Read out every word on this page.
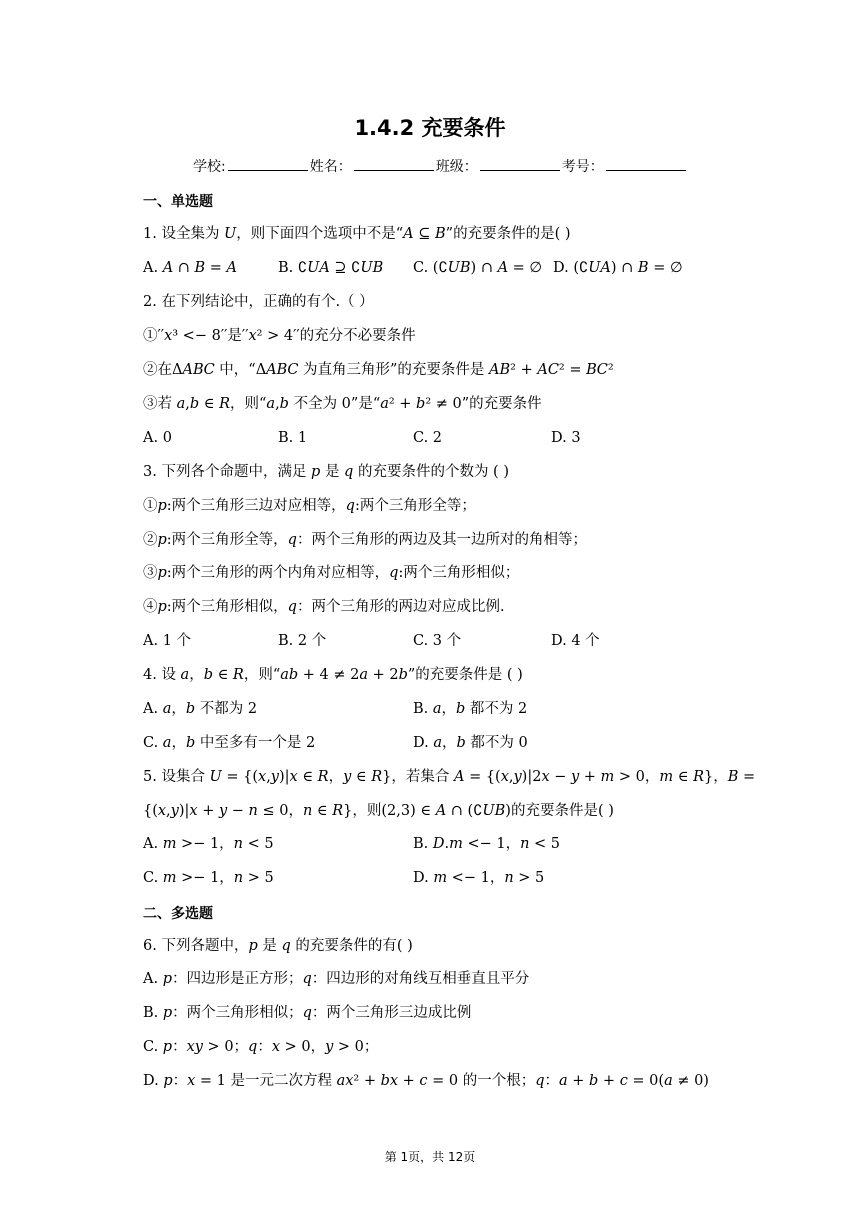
1.4.2 充要条件
学校:	姓名：	班级：	考号：
一、单选题
1. 设全集为 𝑈，则下面四个选项中不是“𝐴 ⊆ 𝐵”的充要条件的是( )
A. 𝐴 ∩ 𝐵 = 𝐴	B. ∁𝑈𝐴 ⊇ ∁𝑈𝐵 C. (∁𝑈𝐵) ∩ 𝐴 = ∅ D. (∁𝑈𝐴) ∩ 𝐵 = ∅
2. 在下列结论中，正确的有个.（ ）
①′′𝑥³ <− 8′′是′′𝑥² > 4′′的充分不必要条件
②在Δ𝐴𝐵𝐶 中，“Δ𝐴𝐵𝐶 为直角三角形”的充要条件是 𝐴𝐵² + 𝐴𝐶² = 𝐵𝐶²
③若 𝑎,𝑏 ∈ 𝑅，则“𝑎,𝑏 不全为 0”是“𝑎² + 𝑏² ≠ 0”的充要条件
A. 0	B. 1	C. 2	D. 3
3. 下列各个命题中，满足 𝑝 是 𝑞 的充要条件的个数为 ( )
①𝑝:两个三角形三边对应相等，𝑞:两个三角形全等；
②𝑝:两个三角形全等，𝑞：两个三角形的两边及其一边所对的角相等；
③𝑝:两个三角形的两个内角对应相等，𝑞:两个三角形相似；
④𝑝:两个三角形相似，𝑞：两个三角形的两边对应成比例.
A. 1 个	B. 2 个	C. 3 个	D. 4 个
4. 设 𝑎，𝑏 ∈ 𝑅，则“𝑎𝑏 + 4 ≠ 2𝑎 + 2𝑏”的充要条件是 ( )
A. 𝑎，𝑏 不都为 2	B. 𝑎，𝑏 都不为 2
C. 𝑎，𝑏 中至多有一个是 2	D. 𝑎，𝑏 都不为 0
5. 设集合 𝑈 = {(𝑥,𝑦)|𝑥 ∈ 𝑅，𝑦 ∈ 𝑅}，若集合 𝐴 = {(𝑥,𝑦)|2𝑥 − 𝑦 + 𝑚 > 0，𝑚 ∈ 𝑅}，𝐵 =
{(𝑥,𝑦)|𝑥 + 𝑦 − 𝑛 ≤ 0，𝑛 ∈ 𝑅}，则(2,3) ∈ 𝐴 ∩ (∁𝑈𝐵)的充要条件是( )
A. 𝑚 >− 1，𝑛 < 5	B. 𝐷.𝑚 <− 1，𝑛 < 5
C. 𝑚 >− 1，𝑛 > 5	D. 𝑚 <− 1，𝑛 > 5
二、多选题
6. 下列各题中，𝑝 是 𝑞 的充要条件的有( )
A. 𝑝：四边形是正方形；𝑞：四边形的对角线互相垂直且平分
B. 𝑝：两个三角形相似；𝑞：两个三角形三边成比例
C. 𝑝：𝑥𝑦 > 0；𝑞：𝑥 > 0，𝑦 > 0；
D. 𝑝：𝑥 = 1 是一元二次方程 𝑎𝑥² + 𝑏𝑥 + 𝑐 = 0 的一个根；𝑞：𝑎 + 𝑏 + 𝑐 = 0(𝑎 ≠ 0)
第 1页，共 12页
